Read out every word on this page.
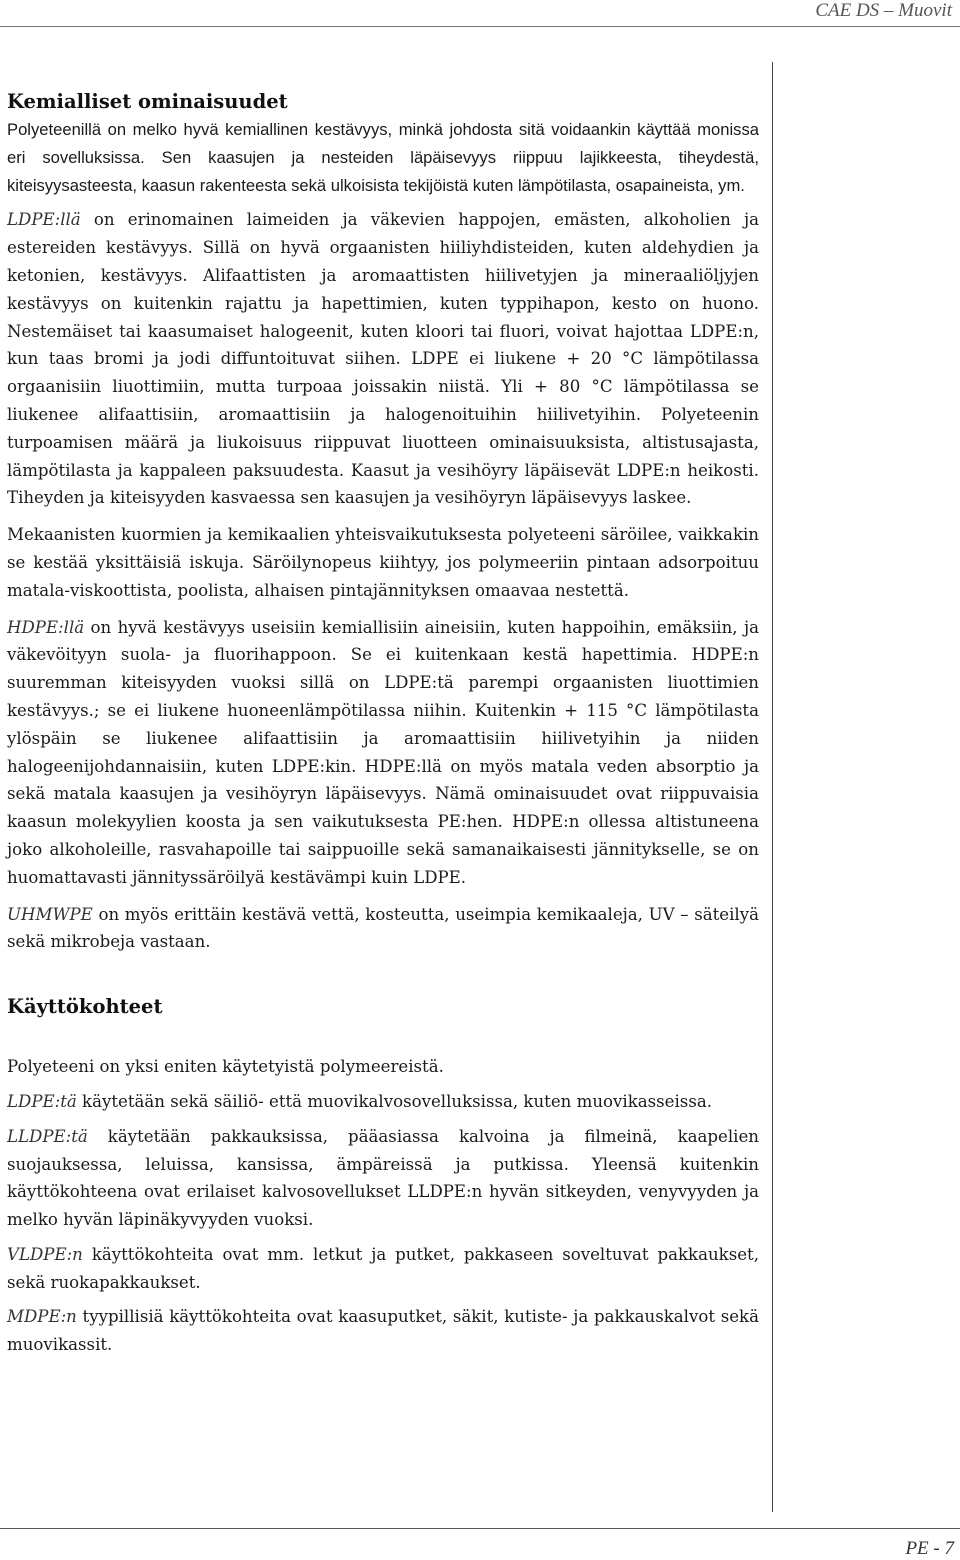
CAE DS – Muovit
Kemialliset ominaisuudet

Polyeteenillä on melko hyvä kemiallinen kestävyys, minkä johdosta sitä voidaankin käyttää monissa eri sovelluksissa. Sen kaasujen ja nesteiden läpäisevyys riippuu lajikkeesta, tiheydestä, kiteisyysasteesta, kaasun rakenteesta sekä ulkoisista tekijöistä kuten lämpötilasta, osapaineista, ym.

LDPE:llä on erinomainen laimeiden ja väkevien happojen, emästen, alkoholien ja estereiden kestävyys. Sillä on hyvä orgaanisten hiiliyhdisteiden, kuten aldehydien ja ketonien, kestävyys. Alifaattisten ja aromaattisten hiilivetyjen ja mineraaliöljyjen kestävyys on kuitenkin rajattu ja hapettimien, kuten typpihapon, kesto on huono. Nestemäiset tai kaasumaiset halogeenit, kuten kloori tai fluori, voivat hajottaa LDPE:n, kun taas bromi ja jodi diffuntoituvat siihen. LDPE ei liukene + 20 °C lämpötilassa orgaanisiin liuottimiin, mutta turpoaa joissakin niistä. Yli + 80 °C lämpötilassa se liukenee alifaattisiin, aromaattisiin ja halogenoituihin hiilivetyihin. Polyeteenin turpoamisen määrä ja liukoisuus riippuvat liuotteen ominaisuuksista, altistusajasta, lämpötilasta ja kappaleen paksuudesta. Kaasut ja vesihöyry läpäisevät LDPE:n heikosti. Tiheyden ja kiteisyyden kasvaessa sen kaasujen ja vesihöyryn läpäisevyys laskee.

Mekaanisten kuormien ja kemikaalien yhteisvaikutuksesta polyeteeni säröilee, vaikkakin se kestää yksittäisiä iskuja. Säröilynopeus kiihtyy, jos polymeeriin pintaan adsorpoituu matala-viskoottista, poolista, alhaisen pintajännityksen omaavaa nestettä.

HDPE:llä on hyvä kestävyys useisiin kemiallisiin aineisiin, kuten happoihin, emäksiin, ja väkevöityyn suola- ja fluorihappoon. Se ei kuitenkaan kestä hapettimia. HDPE:n suuremman kiteisyyden vuoksi sillä on LDPE:tä parempi orgaanisten liuottimien kestävyys.; se ei liukene huoneenlämpötilassa niihin. Kuitenkin + 115 °C lämpötilasta ylöspäin se liukenee alifaattisiin ja aromaattisiin hiilivetyihin ja niiden halogeenijohdannaisiin, kuten LDPE:kin. HDPE:llä on myös matala veden absorptio ja sekä matala kaasujen ja vesihöyryn läpäisevyys. Nämä ominaisuudet ovat riippuvaisia kaasun molekyylien koosta ja sen vaikutuksesta PE:hen. HDPE:n ollessa altistuneena joko alkoholeille, rasvahapoille tai saippuoille sekä samanaikaisesti jännitykselle, se on huomattavasti jännityssäröilyä kestävämpi kuin LDPE.

UHMWPE on myös erittäin kestävä vettä, kosteutta, useimpia kemikaaleja, UV – säteilyä sekä mikrobeja vastaan.

Käyttökohteet

Polyeteeni on yksi eniten käytetyistä polymeereistä.

LDPE:tä käytetään sekä säiliö- että muovikalvosovelluksissa, kuten muovikasseissa.

LLDPE:tä käytetään pakkauksissa, pääasiassa kalvoina ja filmeinä, kaapelien suojauksessa, leluissa, kansissa, ämpäreissä ja putkissa. Yleensä kuitenkin käyttökohteena ovat erilaiset kalvosovellukset LLDPE:n hyvän sitkeyden, venyvyyden ja melko hyvän läpinäkyvyyden vuoksi.

VLDPE:n käyttökohteita ovat mm. letkut ja putket, pakkaseen soveltuvat pakkaukset, sekä ruokapakkaukset.

MDPE:n tyypillisiä käyttökohteita ovat kaasuputket, säkit, kutiste- ja pakkauskalvot sekä muovikassit.

PE - 7
